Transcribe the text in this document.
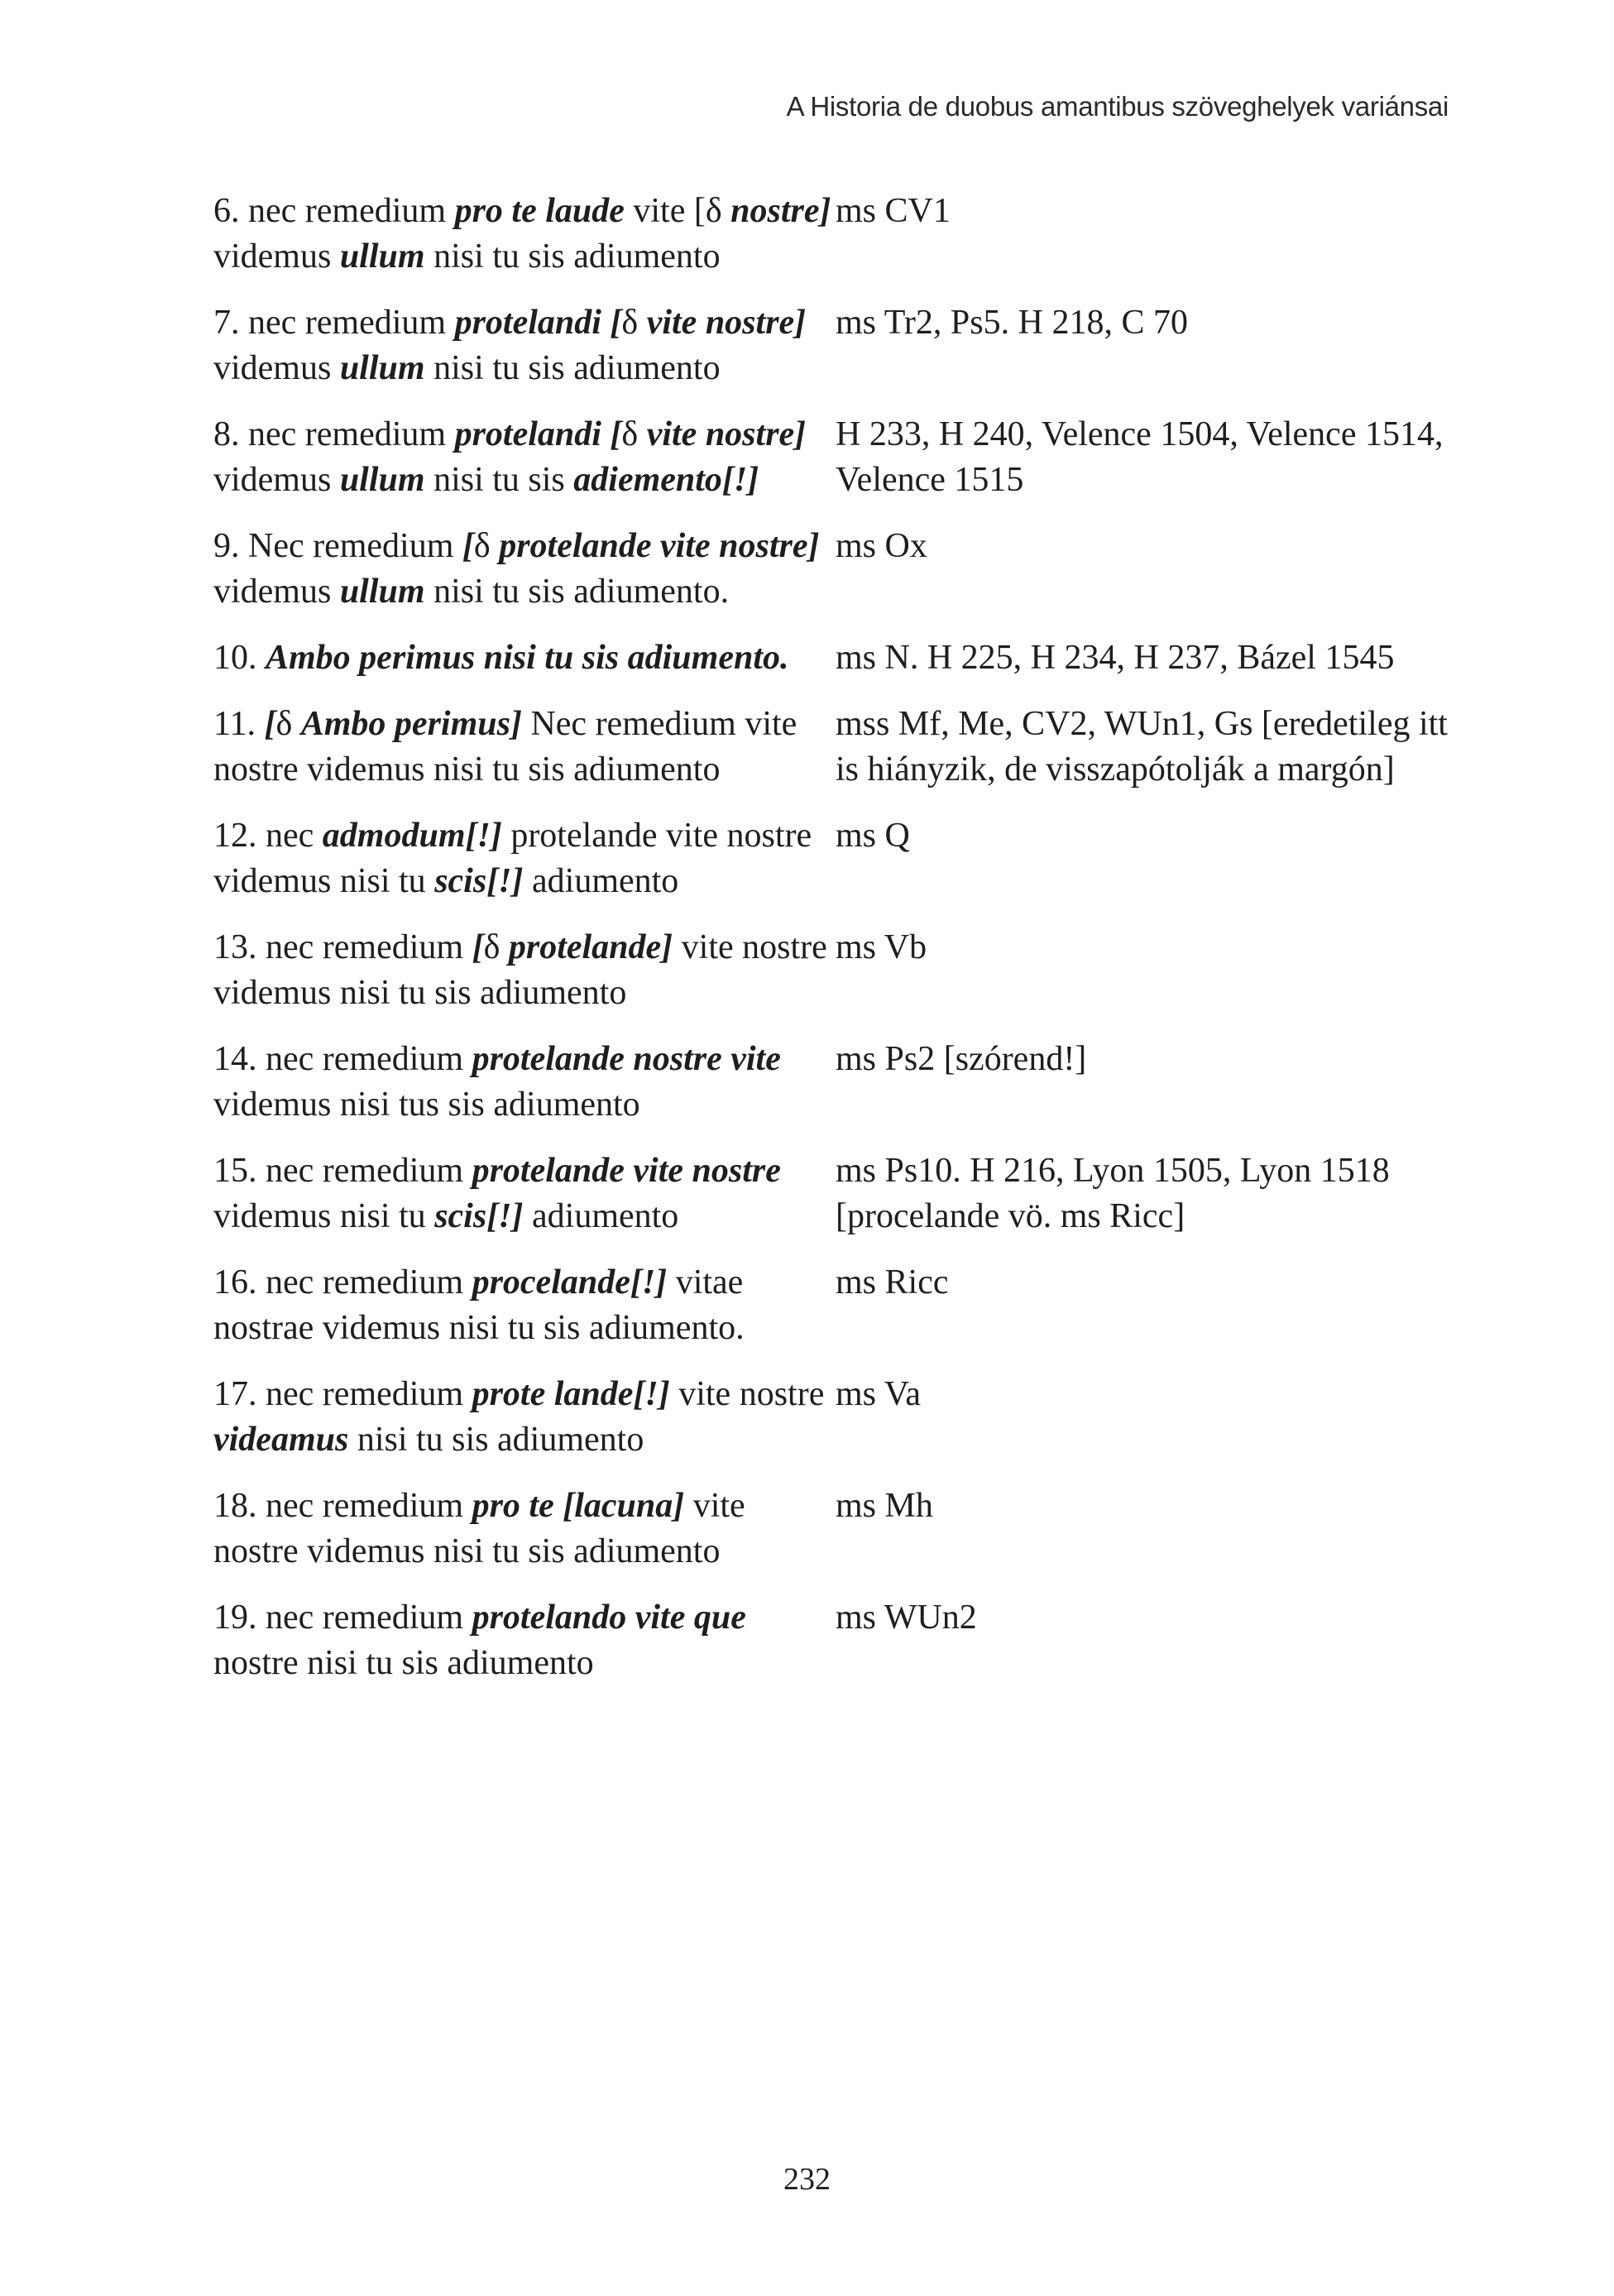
A Historia de duobus amantibus szöveghelyek variánsai
6. nec remedium pro te laude vite [δ nostre] videmus ullum nisi tu sis adiumento
ms CV1
7. nec remedium protelandi [δ vite nostre] videmus ullum nisi tu sis adiumento
ms Tr2, Ps5. H 218, C 70
8. nec remedium protelandi [δ vite nostre] videmus ullum nisi tu sis adiemento[!]
H 233, H 240, Velence 1504, Velence 1514, Velence 1515
9. Nec remedium [δ protelande vite nostre] videmus ullum nisi tu sis adiumento.
ms Ox
10. Ambo perimus nisi tu sis adiumento.	ms N. H 225, H 234, H 237, Bázel 1545
11. [δ Ambo perimus] Nec remedium vite nostre videmus nisi tu sis adiumento
mss Mf, Me, CV2, WUn1, Gs [eredetileg itt is hiányzik, de visszapótolják a margón]
12. nec admodum[!] protelande vite nostre videmus nisi tu scis[!] adiumento
ms Q
13. nec remedium [δ protelande] vite nostre videmus nisi tu sis adiumento
ms Vb
14. nec remedium protelande nostre vite videmus nisi tus sis adiumento
ms Ps2 [szórend!]
15. nec remedium protelande vite nostre videmus nisi tu scis[!] adiumento
ms Ps10. H 216, Lyon 1505, Lyon 1518 [procelande vö. ms Ricc]
16. nec remedium procelande[!] vitae nostrae videmus nisi tu sis adiumento.
ms Ricc
17. nec remedium prote lande[!] vite nostre videamus nisi tu sis adiumento
ms Va
18. nec remedium pro te [lacuna] vite nostre videmus nisi tu sis adiumento
ms Mh
19. nec remedium protelando vite que nostre nisi tu sis adiumento
ms WUn2
232
